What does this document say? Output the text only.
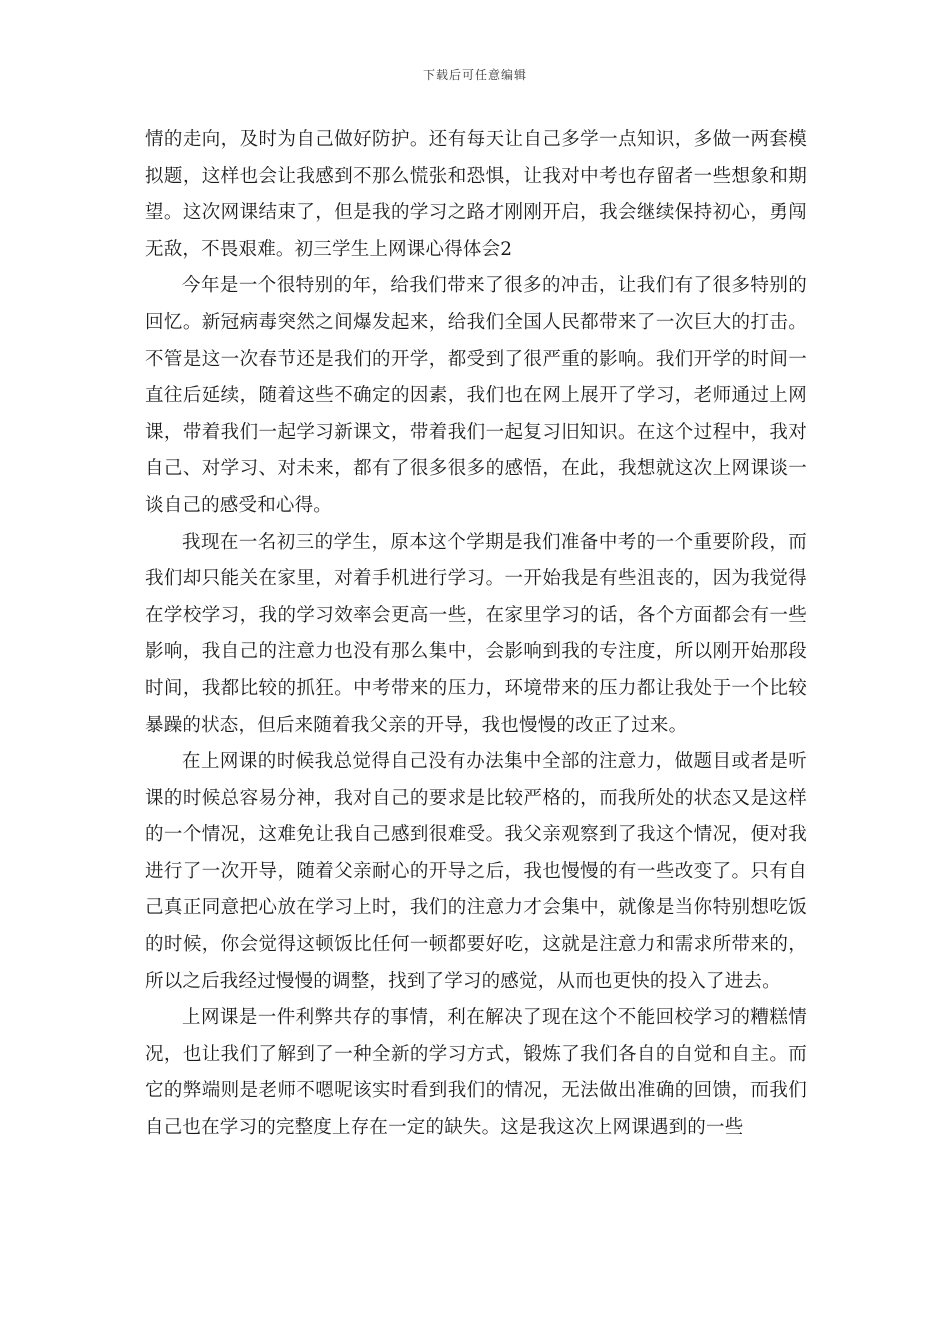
下载后可任意编辑

情的走向，及时为自己做好防护。还有每天让自己多学一点知识，多做一两套模拟题，这样也会让我感到不那么慌张和恐惧，让我对中考也存留者一些想象和期望。这次网课结束了，但是我的学习之路才刚刚开启，我会继续保持初心，勇闯无敌，不畏艰难。初三学生上网课心得体会2

今年是一个很特别的年，给我们带来了很多的冲击，让我们有了很多特别的回忆。新冠病毒突然之间爆发起来，给我们全国人民都带来了一次巨大的打击。不管是这一次春节还是我们的开学，都受到了很严重的影响。我们开学的时间一直往后延续，随着这些不确定的因素，我们也在网上展开了学习，老师通过上网课，带着我们一起学习新课文，带着我们一起复习旧知识。在这个过程中，我对自己、对学习、对未来，都有了很多很多的感悟，在此，我想就这次上网课谈一谈自己的感受和心得。

我现在一名初三的学生，原本这个学期是我们准备中考的一个重要阶段，而我们却只能关在家里，对着手机进行学习。一开始我是有些沮丧的，因为我觉得在学校学习，我的学习效率会更高一些，在家里学习的话，各个方面都会有一些影响，我自己的注意力也没有那么集中，会影响到我的专注度，所以刚开始那段时间，我都比较的抓狂。中考带来的压力，环境带来的压力都让我处于一个比较暴躁的状态，但后来随着我父亲的开导，我也慢慢的改正了过来。

在上网课的时候我总觉得自己没有办法集中全部的注意力，做题目或者是听课的时候总容易分神，我对自己的要求是比较严格的，而我所处的状态又是这样的一个情况，这难免让我自己感到很难受。我父亲观察到了我这个情况，便对我进行了一次开导，随着父亲耐心的开导之后，我也慢慢的有一些改变了。只有自己真正同意把心放在学习上时，我们的注意力才会集中，就像是当你特别想吃饭的时候，你会觉得这顿饭比任何一顿都要好吃，这就是注意力和需求所带来的，所以之后我经过慢慢的调整，找到了学习的感觉，从而也更快的投入了进去。

上网课是一件利弊共存的事情，利在解决了现在这个不能回校学习的糟糕情况，也让我们了解到了一种全新的学习方式，锻炼了我们各自的自觉和自主。而它的弊端则是老师不嗯呢该实时看到我们的情况，无法做出准确的回馈，而我们自己也在学习的完整度上存在一定的缺失。这是我这次上网课遇到的一些
